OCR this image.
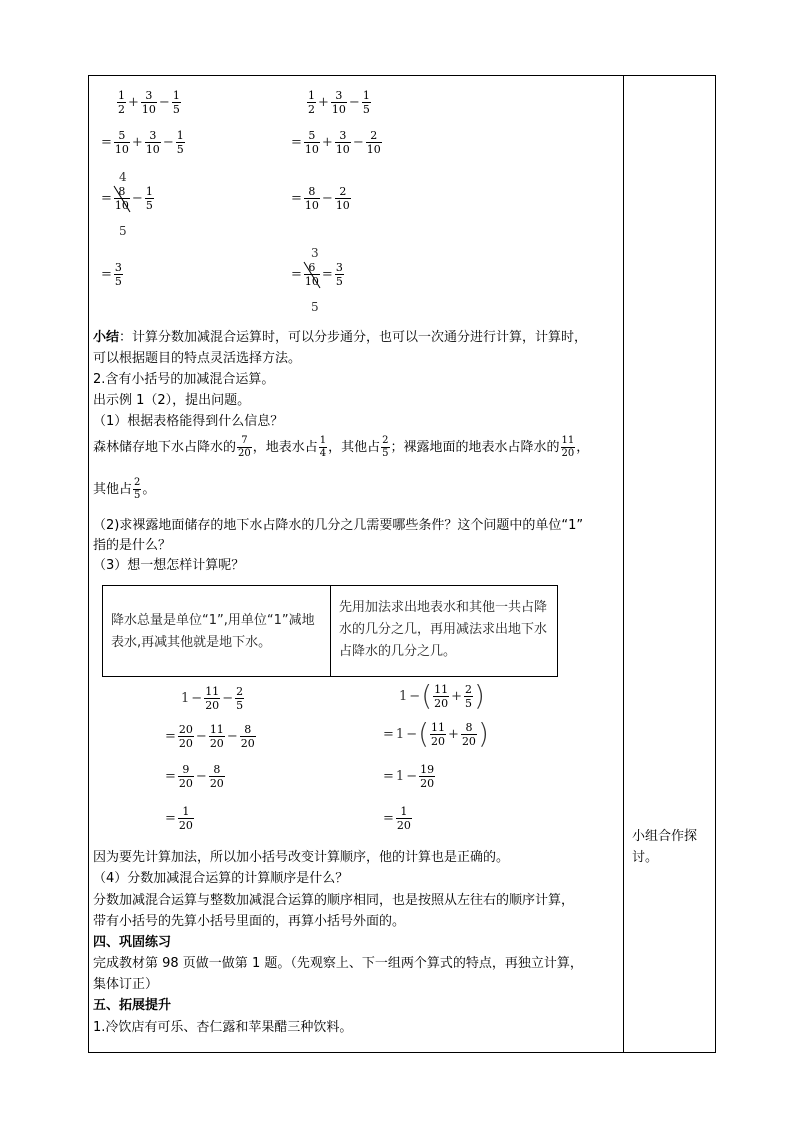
$\frac{1}{2} + \frac{3}{10} - \frac{1}{5}$
= $\frac{5}{10} + \frac{3}{10} - \frac{1}{5}$
4
= $\frac{8}{10} - \frac{1}{5}$
5
= $\frac{3}{5}$
$\frac{1}{2} + \frac{3}{10} - \frac{1}{5}$
= $\frac{5}{10} + \frac{3}{10} - \frac{2}{10}$
= $\frac{8}{10} - \frac{2}{10}$
3
= $\frac{6}{10} = \frac{3}{5}$
5
小结：计算分数加减混合运算时，可以分步通分，也可以一次通分进行计算，计算时，
可以根据题目的特点灵活选择方法。
2.含有小括号的加减混合运算。
出示例 1（2），提出问题。
（1）根据表格能得到什么信息？
森林储存地下水占降水的 $\frac{7}{20}$ ，地表水占 $\frac{1}{4}$ ，其他占 $\frac{2}{5}$ ；裸露地面的地表水占降水的 $\frac{11}{20}$ ，
其他占 $\frac{2}{5}$ 。
（2)求裸露地面储存的地下水占降水的几分之几需要哪些条件？这个问题中的单位“1”
指的是什么？
（3）想一想怎样计算呢？
降水总量是单位“1”,用单位“1”减地表水,再减其他就是地下水。
先用加法求出地表水和其他一共占降水的几分之几，再用减法求出地下水占降水的几分之几。
$1 - \frac{11}{20} - \frac{2}{5}$
= $\frac{20}{20} - \frac{11}{20} - \frac{8}{20}$
= $\frac{9}{20} - \frac{8}{20}$
= $\frac{1}{20}$
1 −( $\frac{11}{20} + \frac{2}{5}$ )
= 1 −( $\frac{11}{20} + \frac{8}{20}$ )
= $1 - \frac{19}{20}$
= $\frac{1}{20}$
因为要先计算加法，所以加小括号改变计算顺序，他的计算也是正确的。
（4）分数加减混合运算的计算顺序是什么？
分数加减混合运算与整数加减混合运算的顺序相同，也是按照从左往右的顺序计算，
带有小括号的先算小括号里面的，再算小括号外面的。
四、巩固练习
完成教材第 98 页做一做第 1 题。（先观察上、下一组两个算式的特点，再独立计算，
集体订正）
五、拓展提升
1.冷饮店有可乐、杏仁露和苹果醋三种饮料。
小组合作探讨。
